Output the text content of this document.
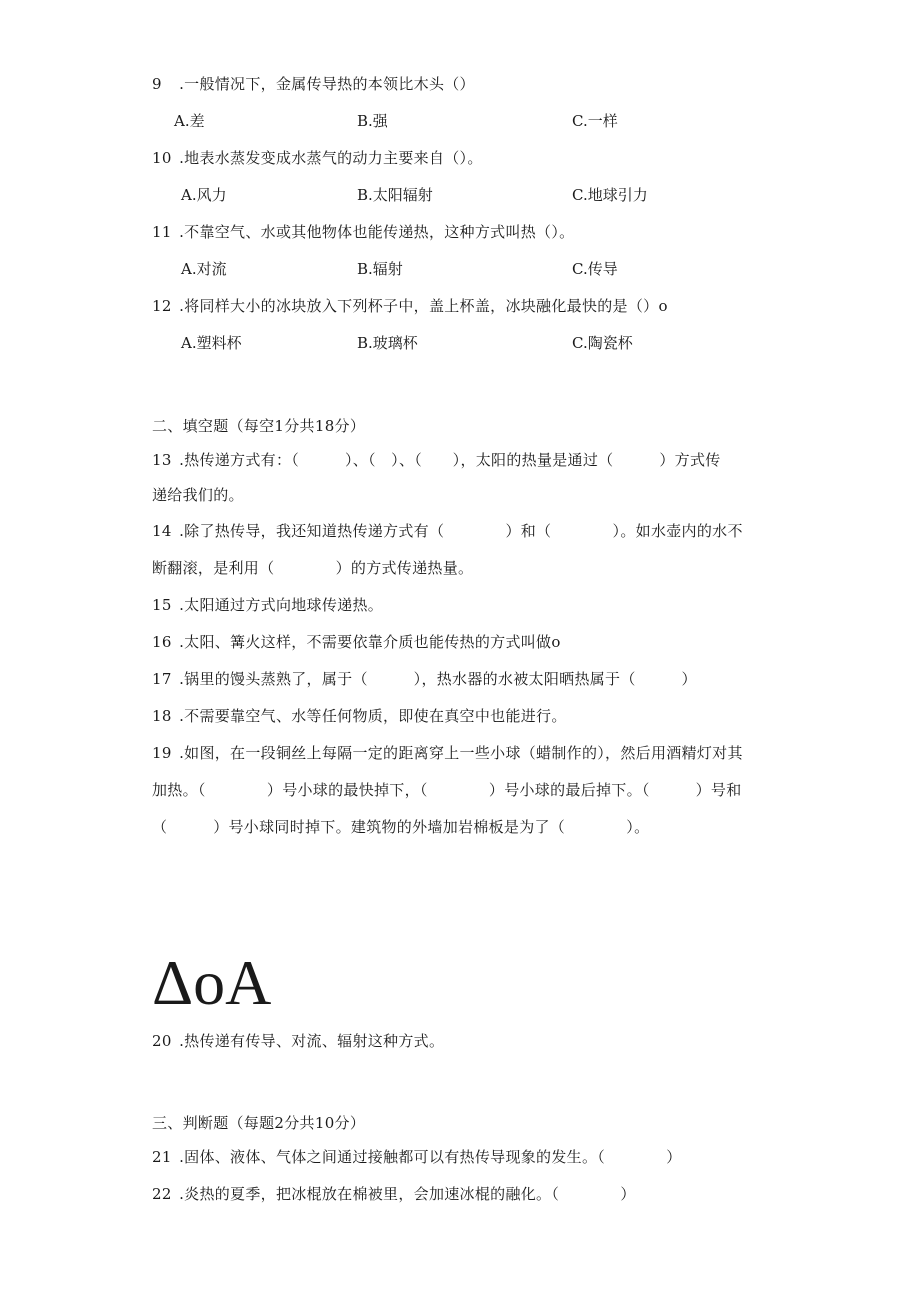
9 .一般情况下，金属传导热的本领比木头（）
A.差	B.强	C.一样
10 .地表水蒸发变成水蒸气的动力主要来自（）。
A.风力	B.太阳辐射	C.地球引力
11 .不靠空气、水或其他物体也能传递热，这种方式叫热（）。
A.对流	B.辐射	C.传导
12 .将同样大小的冰块放入下列杯子中，盖上杯盖，冰块融化最快的是（）o
A.塑料杯	B.玻璃杯	C.陶瓷杯
二、填空题（每空1分共18分）
13 .热传递方式有：（　　　）、（　）、（　　），太阳的热量是通过（　　　）方式传
递给我们的。
14 .除了热传导，我还知道热传递方式有（　　　　）和（　　　　）。如水壶内的水不
断翻滚，是利用（　　　　）的方式传递热量。
15 .太阳通过方式向地球传递热。
16 .太阳、篝火这样，不需要依靠介质也能传热的方式叫做o
17 .锅里的馒头蒸熟了，属于（　　　），热水器的水被太阳晒热属于（　　　）
18 .不需要靠空气、水等任何物质，即使在真空中也能进行。
19 .如图，在一段铜丝上每隔一定的距离穿上一些小球（蜡制作的），然后用酒精灯对其
加热。（　　　　）号小球的最快掉下，（　　　　）号小球的最后掉下。（　　　）号和
（　　　）号小球同时掉下。建筑物的外墙加岩棉板是为了（　　　　）。
ΔoA
20 .热传递有传导、对流、辐射这种方式。
三、判断题（每题2分共10分）
21 .固体、液体、气体之间通过接触都可以有热传导现象的发生。（　　　　）
22 .炎热的夏季，把冰棍放在棉被里，会加速冰棍的融化。（　　　　）
